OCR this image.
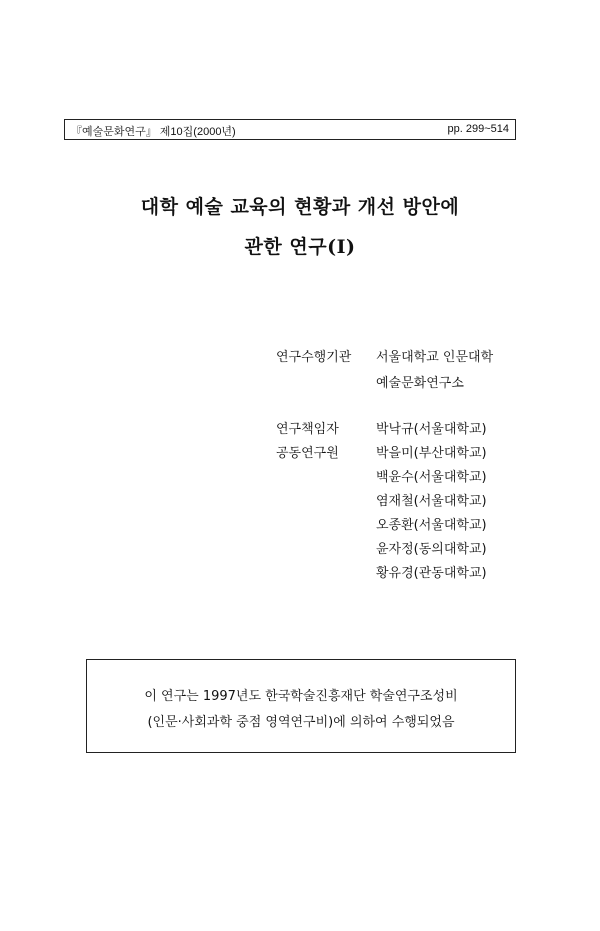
『예술문화연구』 제10집(2000년)	pp. 299~514
대학 예술 교육의 현황과 개선 방안에
관한 연구(I)
연구수행기관 서울대학교 인문대학
예술문화연구소
연구책임자
공동연구원
박낙규(서울대학교)
박을미(부산대학교)
백윤수(서울대학교)
염재철(서울대학교)
오종환(서울대학교)
윤자정(동의대학교)
황유경(관동대학교)
이 연구는 1997년도 한국학술진흥재단 학술연구조성비
(인문·사회과학 중점 영역연구비)에 의하여 수행되었음
